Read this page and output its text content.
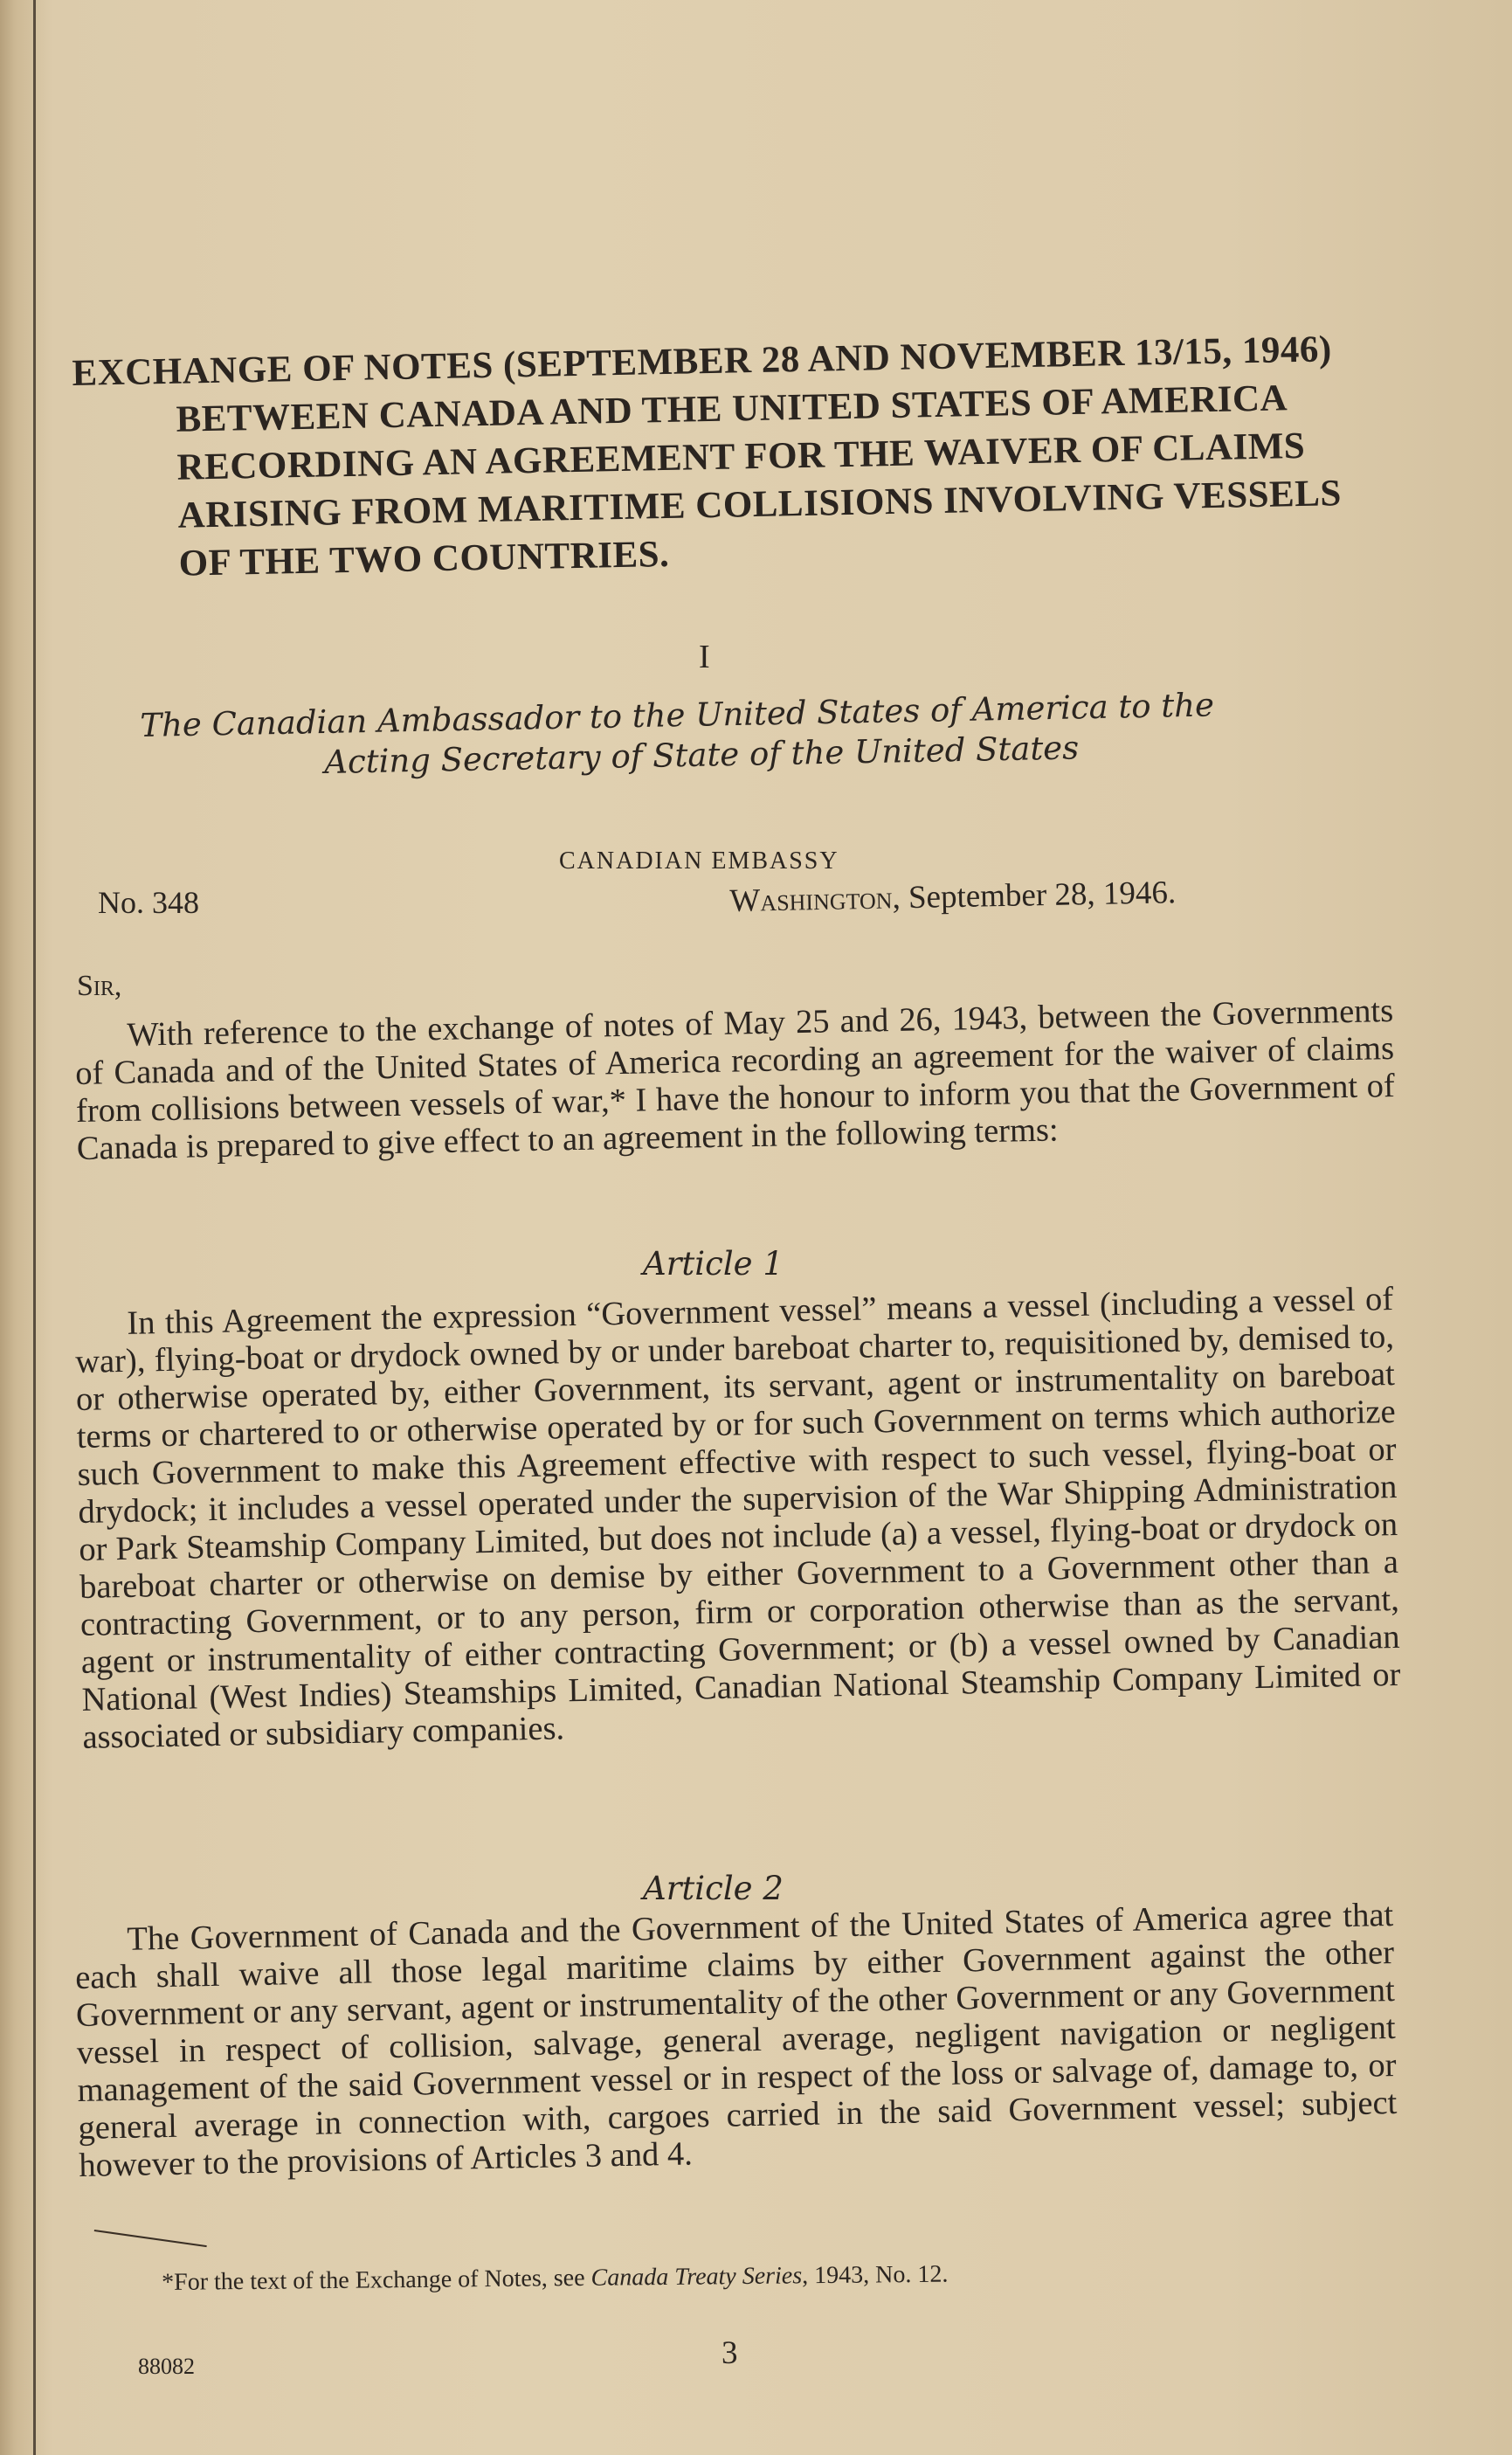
EXCHANGE OF NOTES (SEPTEMBER 28 AND NOVEMBER 13/15, 1946)
BETWEEN CANADA AND THE UNITED STATES OF AMERICA
RECORDING AN AGREEMENT FOR THE WAIVER OF CLAIMS
ARISING FROM MARITIME COLLISIONS INVOLVING VESSELS
OF THE TWO COUNTRIES.
I
The Canadian Ambassador to the United States of America to the
Acting Secretary of State of the United States
CANADIAN EMBASSY
No. 348	Washington, September 28, 1946.
Sir,

With reference to the exchange of notes of May 25 and 26, 1943, between the Governments of Canada and of the United States of America recording an agreement for the waiver of claims from collisions between vessels of war,* I have the honour to inform you that the Government of Canada is prepared to give effect to an agreement in the following terms:

Article 1

In this Agreement the expression “Government vessel” means a vessel (including a vessel of war), flying-boat or drydock owned by or under bareboat charter to, requisitioned by, demised to, or otherwise operated by, either Government, its servant, agent or instrumentality on bareboat terms or chartered to or otherwise operated by or for such Government on terms which authorize such Government to make this Agreement effective with respect to such vessel, flying-boat or drydock; it includes a vessel operated under the supervision of the War Shipping Administration or Park Steamship Company Limited, but does not include (a) a vessel, flying-boat or drydock on bareboat charter or otherwise on demise by either Government to a Government other than a contracting Government, or to any person, firm or corporation otherwise than as the servant, agent or instrumentality of either contracting Government; or (b) a vessel owned by Canadian National (West Indies) Steamships Limited, Canadian National Steamship Company Limited or associated or subsidiary companies.

Article 2

The Government of Canada and the Government of the United States of America agree that each shall waive all those legal maritime claims by either Government against the other Government or any servant, agent or instrumentality of the other Government or any Government vessel in respect of collision, salvage, general average, negligent navigation or negligent management of the said Government vessel or in respect of the loss or salvage of, damage to, or general average in connection with, cargoes carried in the said Government vessel; subject however to the provisions of Articles 3 and 4.

*For the text of the Exchange of Notes, see Canada Treaty Series, 1943, No. 12.
3
88082
